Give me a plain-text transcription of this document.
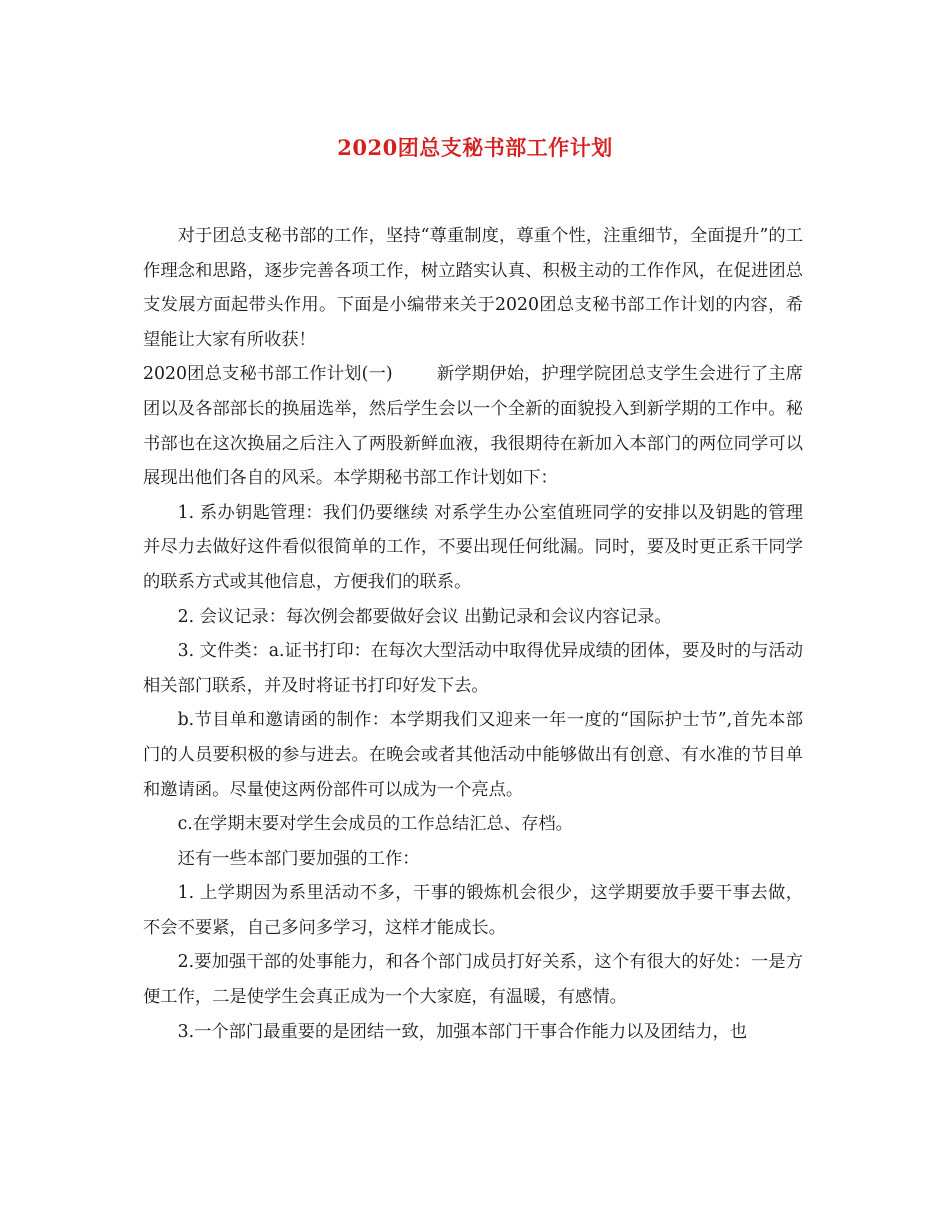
2020团总支秘书部工作计划

对于团总支秘书部的工作，坚持“尊重制度，尊重个性，注重细节，全面提升”的工作理念和思路，逐步完善各项工作，树立踏实认真、积极主动的工作作风，在促进团总支发展方面起带头作用。下面是小编带来关于2020团总支秘书部工作计划的内容，希望能让大家有所收获！

2020团总支秘书部工作计划(一)	新学期伊始，护理学院团总支学生会进行了主席团以及各部部长的换届选举，然后学生会以一个全新的面貌投入到新学期的工作中。秘书部也在这次换届之后注入了两股新鲜血液，我很期待在新加入本部门的两位同学可以展现出他们各自的风采。本学期秘书部工作计划如下：

1. 系办钥匙管理：我们仍要继续 对系学生办公室值班同学的安排以及钥匙的管理并尽力去做好这件看似很简单的工作，不要出现任何纰漏。同时，要及时更正系干同学的联系方式或其他信息，方便我们的联系。

2. 会议记录：每次例会都要做好会议 出勤记录和会议内容记录。

3. 文件类：a.证书打印：在每次大型活动中取得优异成绩的团体，要及时的与活动相关部门联系，并及时将证书打印好发下去。

b.节目单和邀请函的制作：本学期我们又迎来一年一度的“国际护士节”,首先本部门的人员要积极的参与进去。在晚会或者其他活动中能够做出有创意、有水准的节目单和邀请函。尽量使这两份部件可以成为一个亮点。

c.在学期末要对学生会成员的工作总结汇总、存档。

还有一些本部门要加强的工作：

1. 上学期因为系里活动不多，干事的锻炼机会很少，这学期要放手要干事去做，不会不要紧，自己多问多学习，这样才能成长。

2.要加强干部的处事能力，和各个部门成员打好关系，这个有很大的好处：一是方便工作，二是使学生会真正成为一个大家庭，有温暖，有感情。

3.一个部门最重要的是团结一致，加强本部门干事合作能力以及团结力，也
